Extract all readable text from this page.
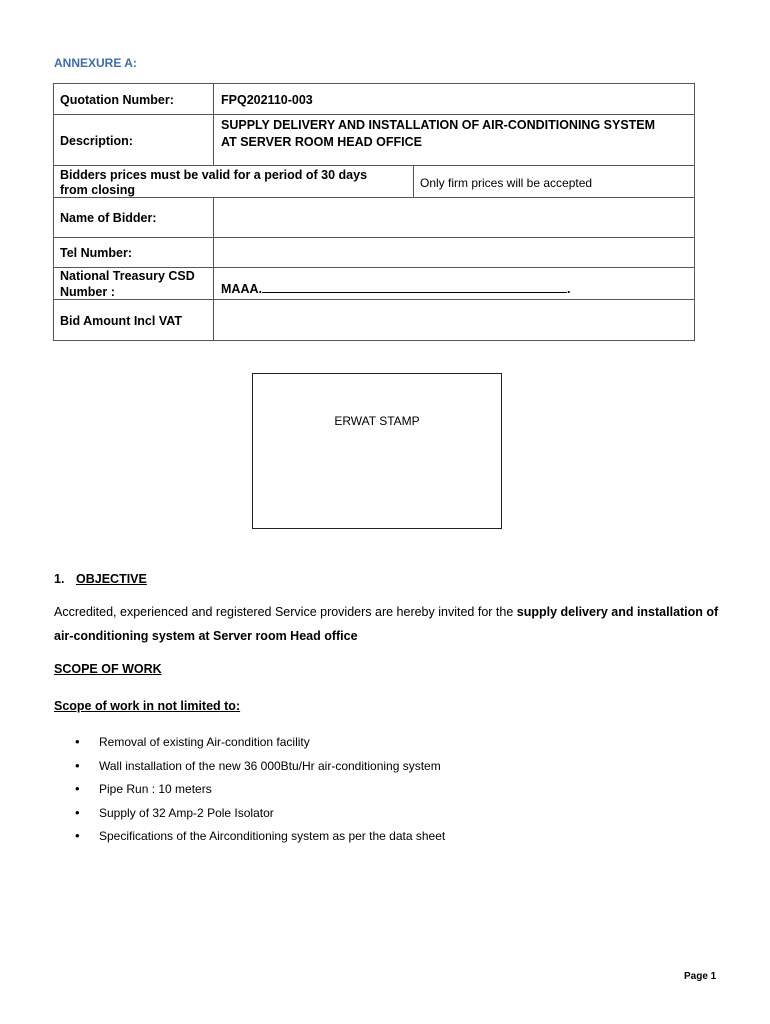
ANNEXURE A:
Quotation Number:	FPQ202110-003
Description:
SUPPLY DELIVERY AND INSTALLATION OF AIR-CONDITIONING SYSTEM
AT SERVER ROOM HEAD OFFICE
Bidders prices must be valid for a period of 30 days
from closing	Only firm prices will be accepted
Name of Bidder:
Tel Number:
National Treasury CSD
Number :	MAAA.	.
Bid Amount Incl VAT
ERWAT STAMP
1. OBJECTIVE
Accredited, experienced and registered Service providers are hereby invited for the supply delivery and installation of air-conditioning system at Server room Head office
SCOPE OF WORK
Scope of work in not limited to:
• Removal of existing Air-condition facility
• Wall installation of the new 36 000Btu/Hr air-conditioning system
• Pipe Run : 10 meters
• Supply of 32 Amp-2 Pole Isolator
• Specifications of the Airconditioning system as per the data sheet
Page 1
